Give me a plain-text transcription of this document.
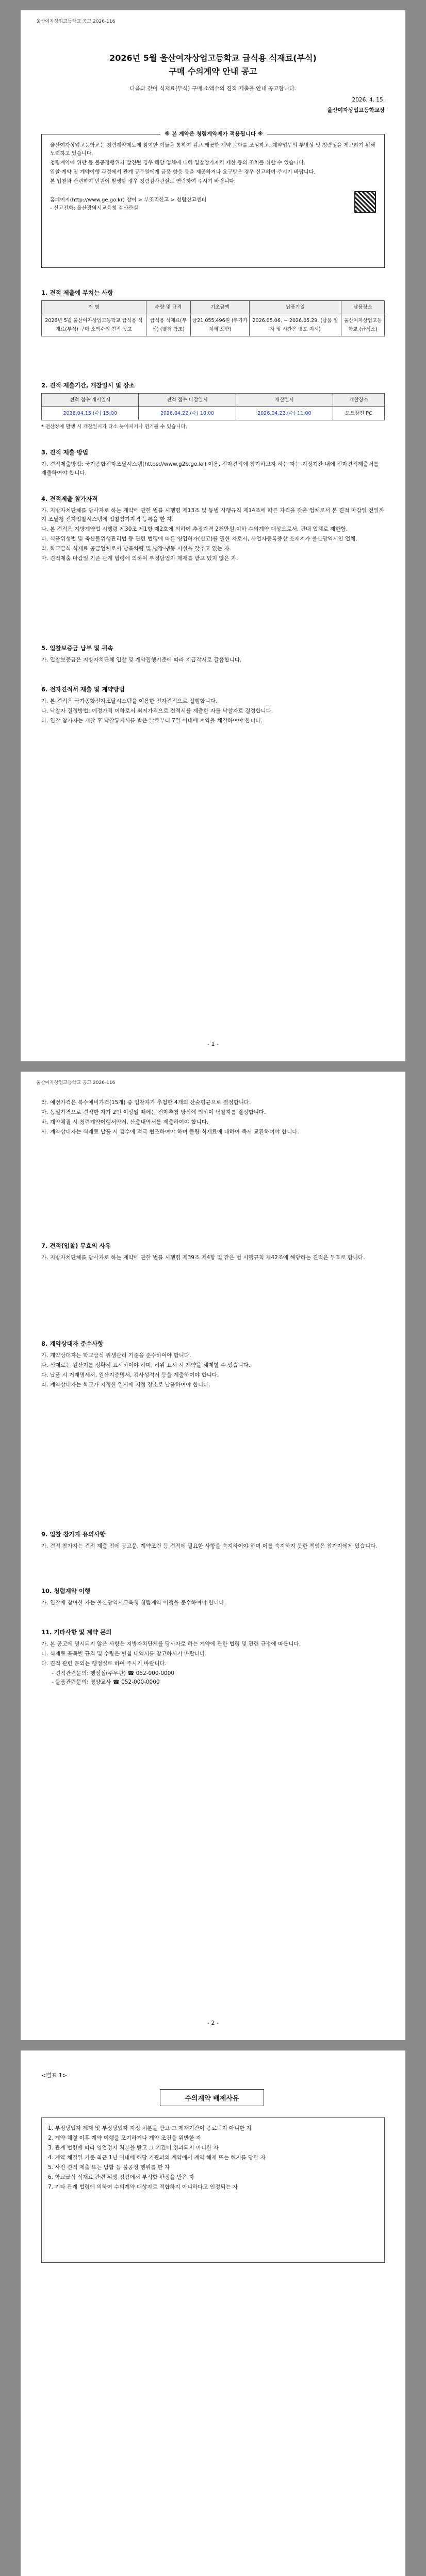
울산여자상업고등학교 공고 2026-116
2026년 5월 울산여자상업고등학교 급식용 식재료(부식)
구매 수의계약 안내 공고
다음과 같이 식재료(부식) 구매 소액수의 견적 제출을 안내 공고합니다.
2026. 4. 15.
울산여자상업고등학교장
※ 본 계약은 청렴계약제가 적용됩니다 ※
울산여자상업고등학교는 청렴계약제도에 참여한 이들을 통하여 깊고 깨끗한 계약 문화를 조성하고, 계약업무의 투명성 및 청렴성을 제고하기 위해 노력하고 있습니다.
청렴계약에 위반 등 불공정행위가 발견될 경우 해당 업체에 대해 입찰참가자격 제한 등의 조치를 취할 수 있습니다.
입찰·계약 및 계약이행 과정에서 관계 공무원에게 금품·향응 등을 제공하거나 요구받은 경우 신고하여 주시기 바랍니다.
본 입찰과 관련하여 민원이 발생할 경우 청렴감사관실로 연락하여 주시기 바랍니다.
홈페이지(http://www.ge.go.kr) 참여 > 부조리신고 > 청렴신고센터
- 신고전화: 울산광역시교육청 감사관실
1. 견적 제출에 부치는 사항
건 명	수량 및 규격	기초금액	납품기일	납품장소
2026년 5월 울산여자상업고등학교 급식용 식재료(부식) 구매 소액수의 견적 공고	급식용 식재료(부식) (별첨 참조)	금21,055,496원 (부가가치세 포함)	2026.05.06. ~ 2026.05.29. (납품 일자 및 시간은 별도 지시)	울산여자상업고등학교 (급식소)
2. 견적 제출기간, 개찰일시 및 장소
견적 접수 개시일시	견적 접수 마감일시	개찰일시	개찰장소
2026.04.15.(수) 15:00	2026.04.22.(수) 10:00	2026.04.22.(수) 11:00	모트장전 PC
* 전산장애 발생 시 개찰일시가 다소 늦어지거나 연기될 수 있습니다.
3. 견적 제출 방법
가. 견적제출방법: 국가종합전자조달시스템(https://www.g2b.go.kr) 이용, 전자견적에 참가하고자 하는 자는 지정기간 내에 전자견적제출서를 제출하여야 합니다.
4. 견적제출 참가자격
가. 지방자치단체를 당사자로 하는 계약에 관한 법률 시행령 제13조 및 동법 시행규칙 제14조에 따른 자격을 갖춘 업체로서 본 견적 마감일 전일까지 조달청 전자입찰시스템에 입찰참가자격 등록을 한 자.
나. 본 견적은 지방계약법 시행령 제30조 제1항 제2호에 의하여 추정가격 2천만원 이하 수의계약 대상으로서, 관내 업체로 제한함.
다. 식품위생법 및 축산물위생관리법 등 관련 법령에 따른 영업허가(신고)를 필한 자로서, 사업자등록증상 소재지가 울산광역시인 업체.
라. 학교급식 식재료 공급업체로서 납품차량 및 냉장·냉동 시설을 갖추고 있는 자.
마. 견적제출 마감일 기준 관계 법령에 의하여 부정당업자 제재를 받고 있지 않은 자.
5. 입찰보증금 납부 및 귀속
가. 입찰보증금은 지방자치단체 입찰 및 계약집행기준에 따라 지급각서로 갈음합니다.
6. 전자견적서 제출 및 계약방법
가. 본 견적은 국가종합전자조달시스템을 이용한 전자견적으로 집행합니다.
나. 낙찰자 결정방법: 예정가격 이하로서 최저가격으로 견적서를 제출한 자를 낙찰자로 결정합니다.
다. 입찰 참가자는 개찰 후 낙찰통지서를 받은 날로부터 7일 이내에 계약을 체결하여야 합니다.
- 1 -
울산여자상업고등학교 공고 2026-116
라. 예정가격은 복수예비가격(15개) 중 입찰자가 추첨한 4개의 산술평균으로 결정합니다.
마. 동일가격으로 견적한 자가 2인 이상일 때에는 전자추첨 방식에 의하여 낙찰자를 결정합니다.
바. 계약체결 시 청렴계약이행서약서, 산출내역서를 제출하여야 합니다.
사. 계약상대자는 식재료 납품 시 검수에 적극 협조하여야 하며 불량 식재료에 대하여 즉시 교환하여야 합니다.
7. 견적(입찰) 무효의 사유
가. 지방자치단체를 당사자로 하는 계약에 관한 법률 시행령 제39조 제4항 및 같은 법 시행규칙 제42조에 해당하는 견적은 무효로 합니다.
8. 계약상대자 준수사항
가. 계약상대자는 학교급식 위생관리 기준을 준수하여야 합니다.
나. 식재료는 원산지를 정확히 표시하여야 하며, 허위 표시 시 계약을 해제할 수 있습니다.
다. 납품 시 거래명세서, 원산지증명서, 검사성적서 등을 제출하여야 합니다.
라. 계약상대자는 학교가 지정한 일시에 지정 장소로 납품하여야 합니다.
9. 입찰 참가자 유의사항
가. 견적 참가자는 견적 제출 전에 공고문, 계약조건 등 견적에 필요한 사항을 숙지하여야 하며 이를 숙지하지 못한 책임은 참가자에게 있습니다.
10. 청렴계약 이행
가. 입찰에 참여한 자는 울산광역시교육청 청렴계약 이행을 준수하여야 합니다.
11. 기타사항 및 계약 문의
가. 본 공고에 명시되지 않은 사항은 지방자치단체를 당사자로 하는 계약에 관한 법령 및 관련 규정에 따릅니다.
나. 식재료 품목별 규격 및 수량은 별첨 내역서를 참고하시기 바랍니다.
다. 견적 관련 문의는 행정실로 하여 주시기 바랍니다.
- 견적관련문의: 행정실(주무관) ☎ 052-000-0000
- 물품관련문의: 영양교사 ☎ 052-000-0000
- 2 -
<별표 1>
수의계약 배제사유
1. 부정당업자 제재 및 부정당업자 지정 처분을 받고 그 제재기간이 종료되지 아니한 자
2. 계약 체결 이후 계약 이행을 포기하거나 계약 조건을 위반한 자
3. 관계 법령에 따라 영업정지 처분을 받고 그 기간이 경과되지 아니한 자
4. 계약 체결일 기준 최근 1년 이내에 해당 기관과의 계약에서 계약 해제 또는 해지를 당한 자
5. 사전 견적 제출 또는 담합 등 불공정 행위를 한 자
6. 학교급식 식재료 관련 위생 점검에서 부적합 판정을 받은 자
7. 기타 관계 법령에 의하여 수의계약 대상자로 적합하지 아니하다고 인정되는 자
